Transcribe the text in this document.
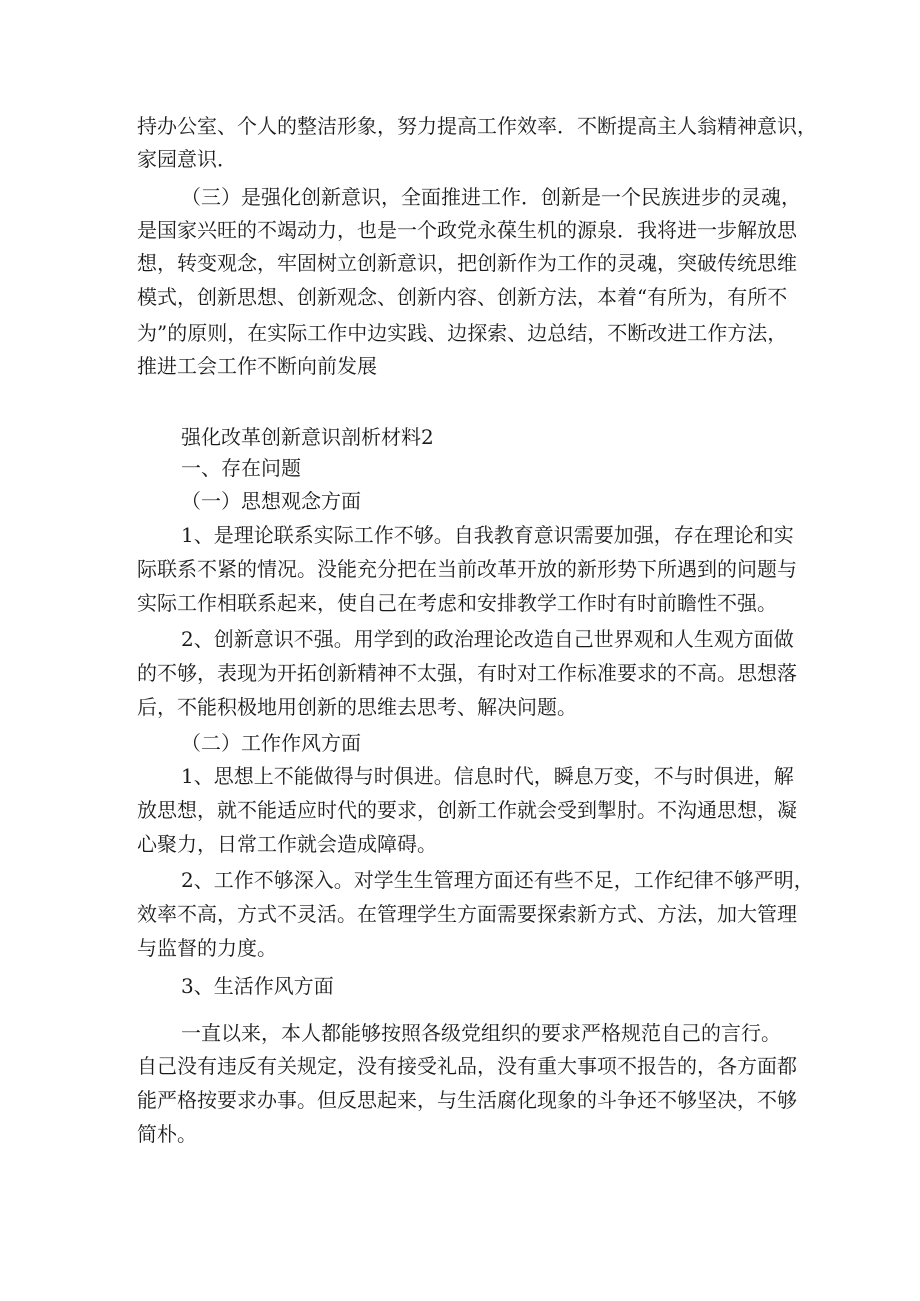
持办公室、个人的整洁形象，努力提高工作效率．不断提高主人翁精神意识，
家园意识．
（三）是强化创新意识，全面推进工作．创新是一个民族进步的灵魂，
是国家兴旺的不竭动力，也是一个政党永葆生机的源泉．我将进一步解放思
想，转变观念，牢固树立创新意识，把创新作为工作的灵魂，突破传统思维
模式，创新思想、创新观念、创新内容、创新方法，本着“有所为，有所不
为”的原则，在实际工作中边实践、边探索、边总结，不断改进工作方法，
推进工会工作不断向前发展
强化改革创新意识剖析材料2
一、存在问题
（一）思想观念方面
1、是理论联系实际工作不够。自我教育意识需要加强，存在理论和实
际联系不紧的情况。没能充分把在当前改革开放的新形势下所遇到的问题与
实际工作相联系起来，使自己在考虑和安排教学工作时有时前瞻性不强。
2、创新意识不强。用学到的政治理论改造自己世界观和人生观方面做
的不够，表现为开拓创新精神不太强，有时对工作标准要求的不高。思想落
后，不能积极地用创新的思维去思考、解决问题。
（二）工作作风方面
1、思想上不能做得与时俱进。信息时代，瞬息万变，不与时俱进，解
放思想，就不能适应时代的要求，创新工作就会受到掣肘。不沟通思想，凝
心聚力，日常工作就会造成障碍。
2、工作不够深入。对学生生管理方面还有些不足，工作纪律不够严明，
效率不高，方式不灵活。在管理学生方面需要探索新方式、方法，加大管理
与监督的力度。
3、生活作风方面
一直以来，本人都能够按照各级党组织的要求严格规范自己的言行。
自己没有违反有关规定，没有接受礼品，没有重大事项不报告的，各方面都
能严格按要求办事。但反思起来，与生活腐化现象的斗争还不够坚决，不够
简朴。
